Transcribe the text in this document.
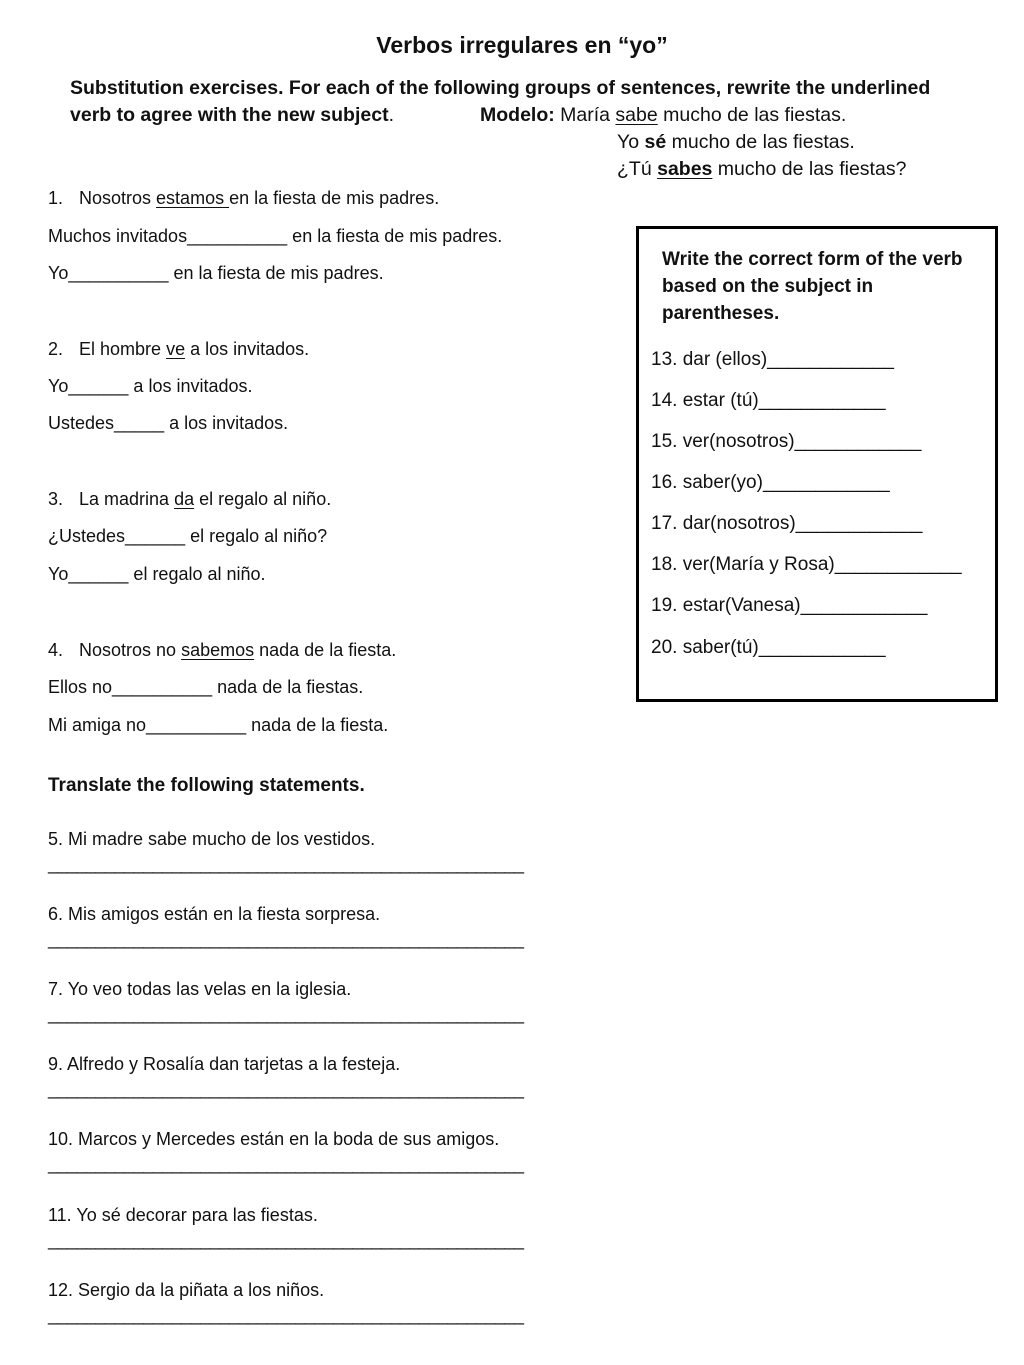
Verbos irregulares en “yo”
Substitution exercises. For each of the following groups of sentences, rewrite the underlined
verb to agree with the new subject.	Modelo: María sabe mucho de las fiestas.
Yo sé mucho de las fiestas.
¿Tú sabes mucho de las fiestas?
1. Nosotros estamos en la fiesta de mis padres.
Muchos invitados__________ en la fiesta de mis padres.
Yo__________ en la fiesta de mis padres.
2. El hombre ve a los invitados.
Yo______ a los invitados.
Ustedes_____ a los invitados.
3. La madrina da el regalo al niño.
¿Ustedes______ el regalo al niño?
Yo______ el regalo al niño.
4. Nosotros no sabemos nada de la fiesta.
Ellos no__________ nada de la fiestas.
Mi amiga no__________ nada de la fiesta.
Translate the following statements.
5. Mi madre sabe mucho de los vestidos.
__________________________________________________
6. Mis amigos están en la fiesta sorpresa.
__________________________________________________
7. Yo veo todas las velas en la iglesia.
__________________________________________________
9. Alfredo y Rosalía dan tarjetas a la festeja.
__________________________________________________
10. Marcos y Mercedes están en la boda de sus amigos.
__________________________________________________
11. Yo sé decorar para las fiestas.
__________________________________________________
12. Sergio da la piñata a los niños.
__________________________________________________
Write the correct form of the verb based on the subject in parentheses.
13. dar (ellos)____________
14. estar (tú)____________
15. ver(nosotros)____________
16. saber(yo)____________
17. dar(nosotros)____________
18. ver(María y Rosa)____________
19. estar(Vanesa)____________
20. saber(tú)____________
